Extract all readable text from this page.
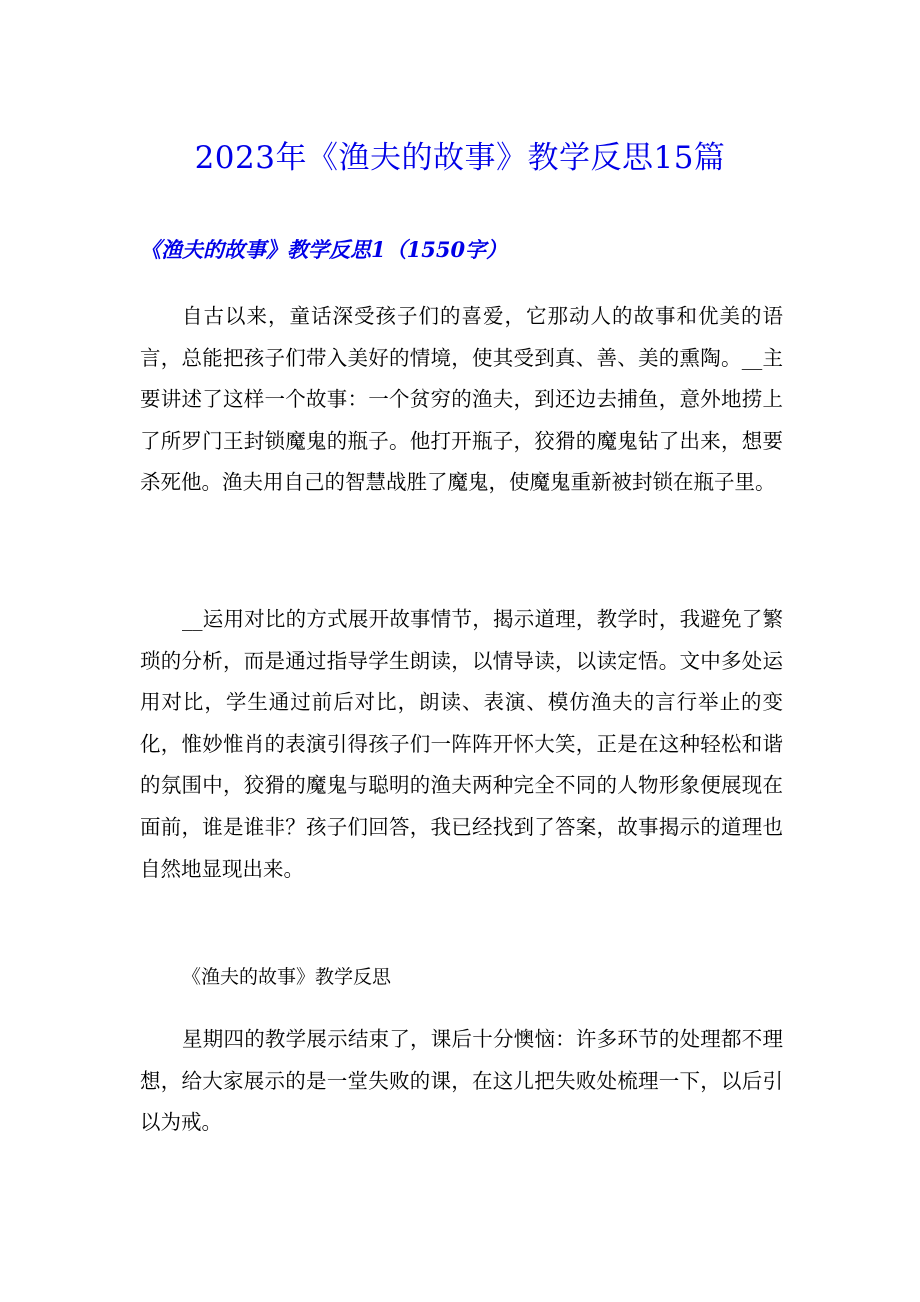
2023年《渔夫的故事》教学反思15篇
《渔夫的故事》教学反思1（1550字）

自古以来，童话深受孩子们的喜爱，它那动人的故事和优美的语言，总能把孩子们带入美好的情境，使其受到真、善、美的熏陶。__主要讲述了这样一个故事：一个贫穷的渔夫，到还边去捕鱼，意外地捞上了所罗门王封锁魔鬼的瓶子。他打开瓶子，狡猾的魔鬼钻了出来，想要杀死他。渔夫用自己的智慧战胜了魔鬼，使魔鬼重新被封锁在瓶子里。

__运用对比的方式展开故事情节，揭示道理，教学时，我避免了繁琐的分析，而是通过指导学生朗读，以情导读，以读定悟。文中多处运用对比，学生通过前后对比，朗读、表演、模仿渔夫的言行举止的变化，惟妙惟肖的表演引得孩子们一阵阵开怀大笑，正是在这种轻松和谐的氛围中，狡猾的魔鬼与聪明的渔夫两种完全不同的人物形象便展现在面前，谁是谁非？孩子们回答，我已经找到了答案，故事揭示的道理也自然地显现出来。

《渔夫的故事》教学反思

星期四的教学展示结束了，课后十分懊恼：许多环节的处理都不理想，给大家展示的是一堂失败的课，在这儿把失败处梳理一下，以后引以为戒。
